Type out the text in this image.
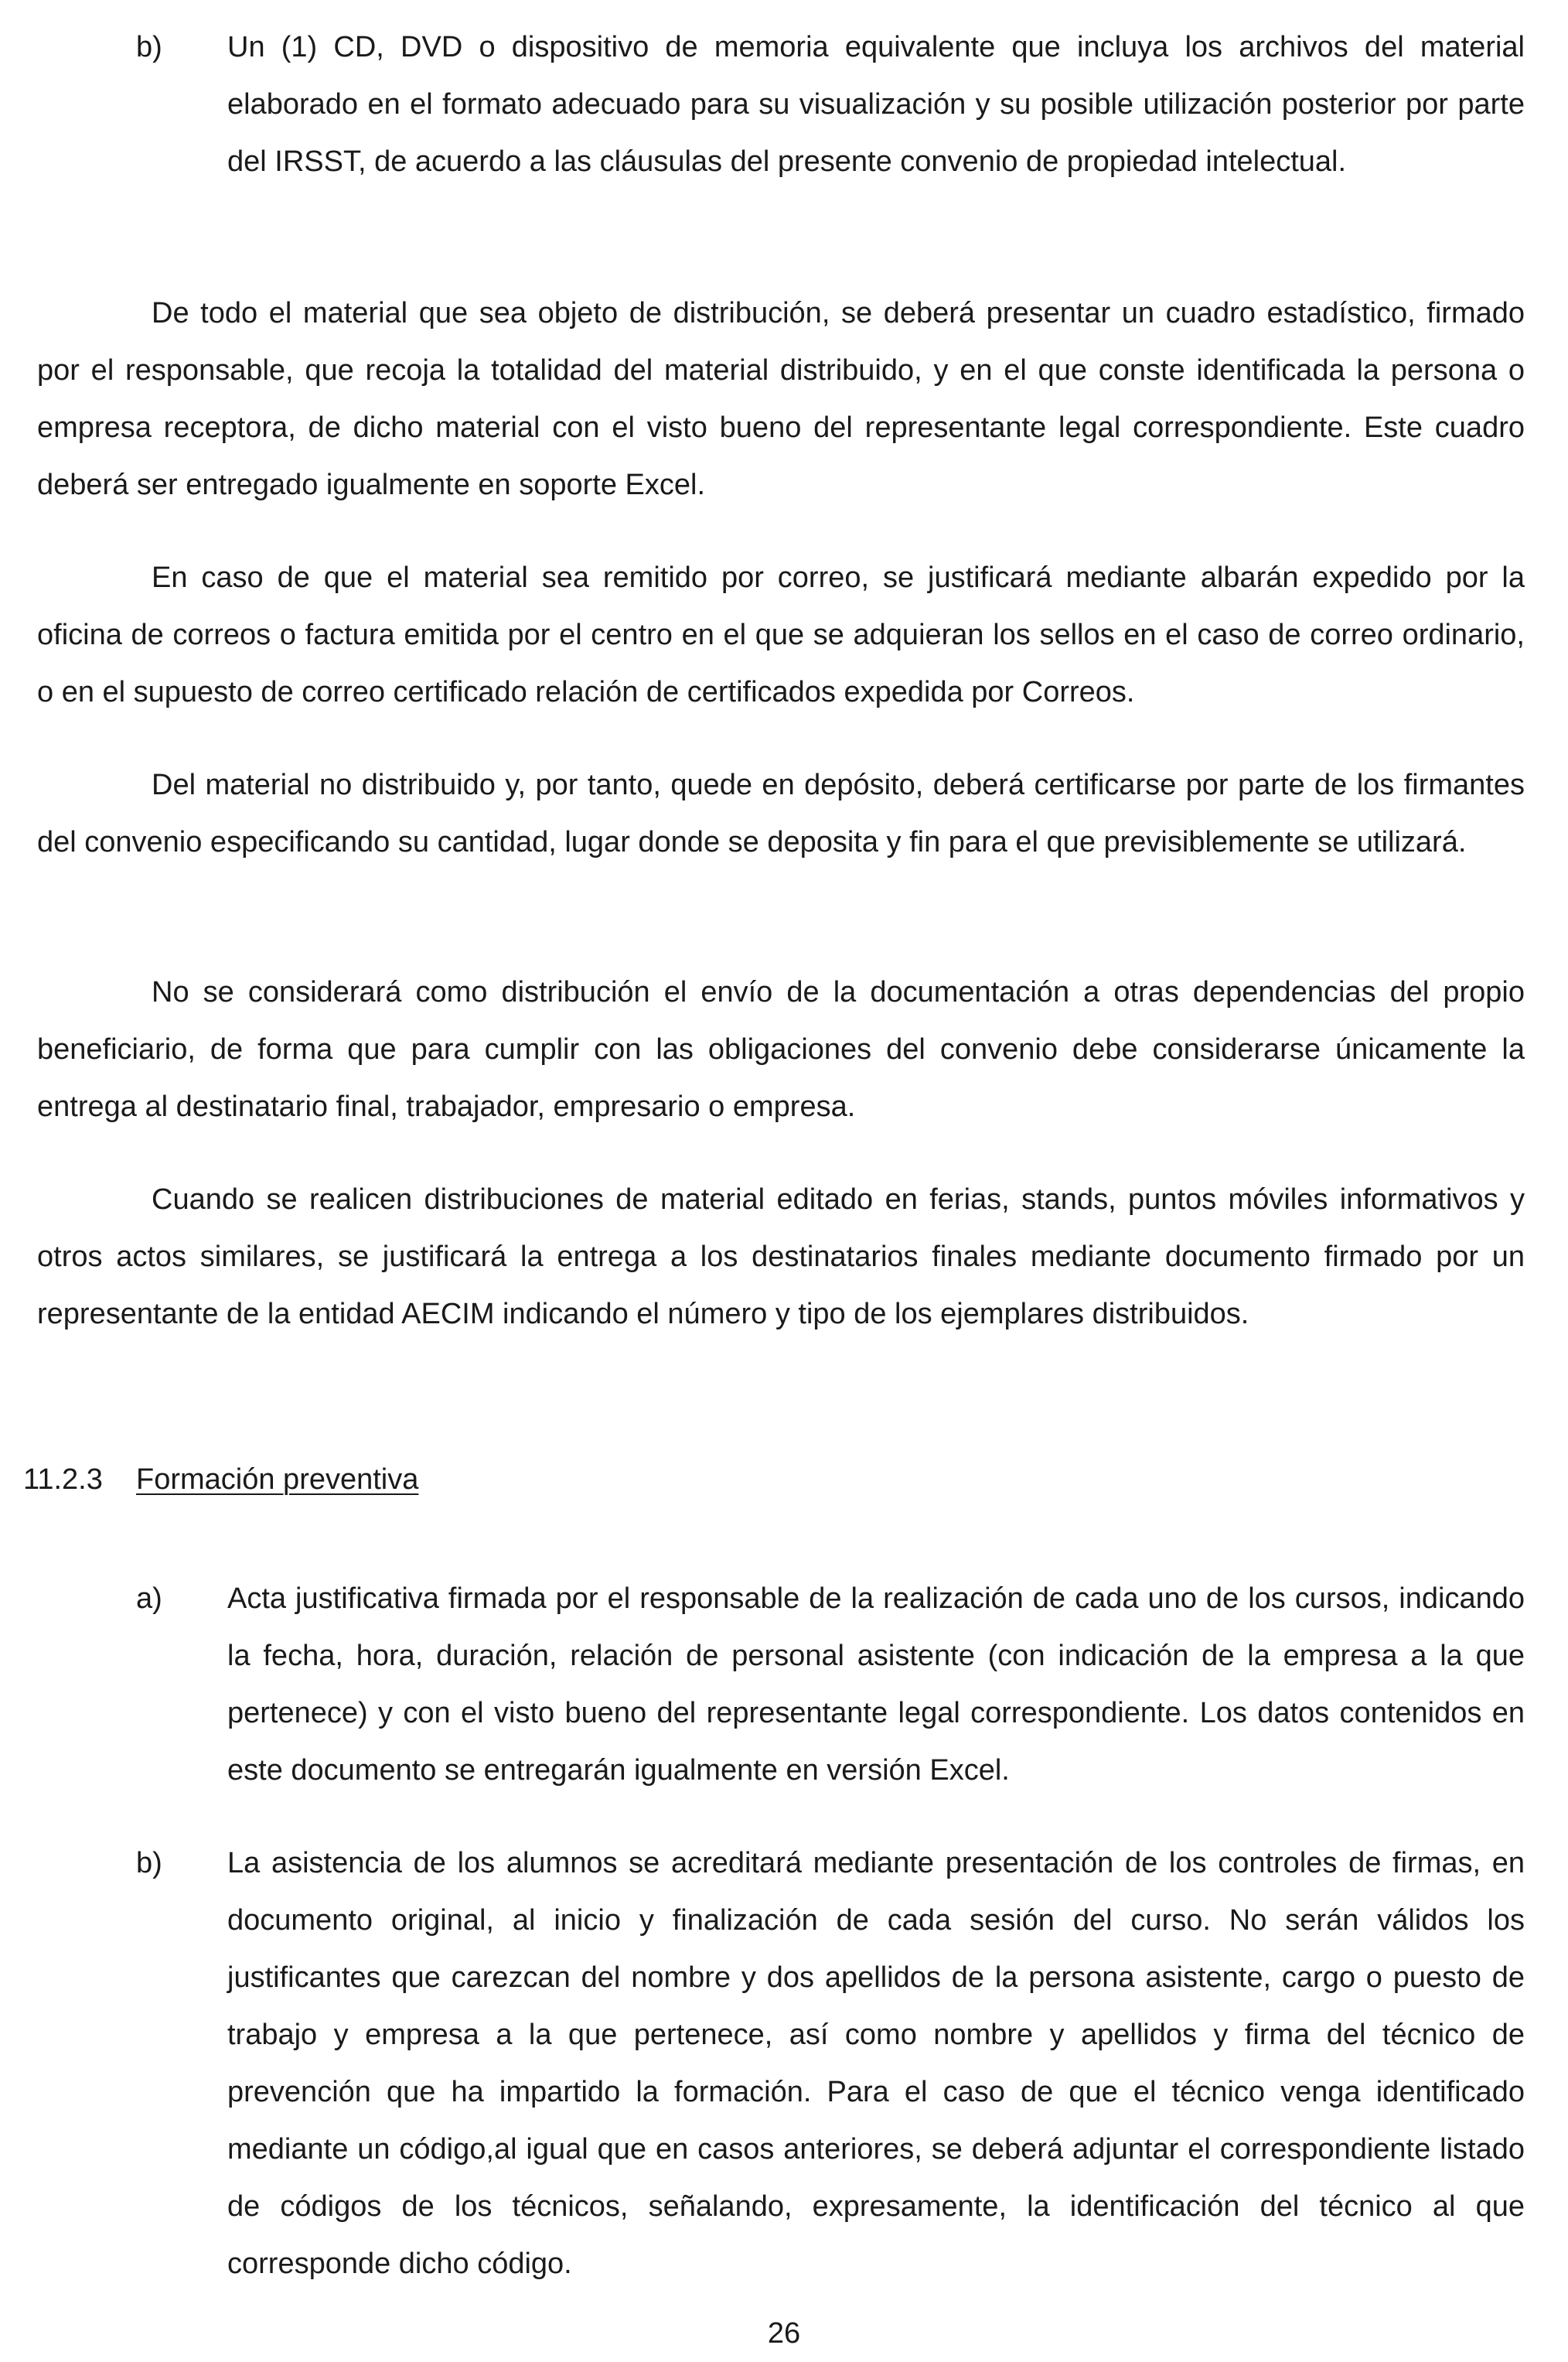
b)	Un (1) CD, DVD o dispositivo de memoria equivalente que incluya los archivos del material elaborado en el formato adecuado para su visualización y su posible utilización posterior por parte del IRSST, de acuerdo a las cláusulas del presente convenio de propiedad intelectual.
De todo el material que sea objeto de distribución, se deberá presentar un cuadro estadístico, firmado por el responsable, que recoja la totalidad del material distribuido, y en el que conste identificada la persona o empresa receptora, de dicho material con el visto bueno del representante legal correspondiente. Este cuadro deberá ser entregado igualmente en soporte Excel.
En caso de que el material sea remitido por correo, se justificará mediante albarán expedido por la oficina de correos o factura emitida por el centro en el que se adquieran los sellos en el caso de correo ordinario, o en el supuesto de correo certificado relación de certificados expedida por Correos.
Del material no distribuido y, por tanto, quede en depósito, deberá certificarse por parte de los firmantes del convenio especificando su cantidad, lugar donde se deposita y fin para el que previsiblemente se utilizará.
No se considerará como distribución el envío de la documentación a otras dependencias del propio beneficiario, de forma que para cumplir con las obligaciones del convenio debe considerarse únicamente la entrega al destinatario final, trabajador, empresario o empresa.
Cuando se realicen distribuciones de material editado en ferias, stands, puntos móviles informativos y otros actos similares, se justificará la entrega a los destinatarios finales mediante documento firmado por un representante de la entidad AECIM indicando el número y tipo de los ejemplares distribuidos.
11.2.3 Formación preventiva
a)	Acta justificativa firmada por el responsable de la realización de cada uno de los cursos, indicando la fecha, hora, duración, relación de personal asistente (con indicación de la empresa a la que pertenece) y con el visto bueno del representante legal correspondiente. Los datos contenidos en este documento se entregarán igualmente en versión Excel.
b)	La asistencia de los alumnos se acreditará mediante presentación de los controles de firmas, en documento original, al inicio y finalización de cada sesión del curso. No serán válidos los justificantes que carezcan del nombre y dos apellidos de la persona asistente, cargo o puesto de trabajo y empresa a la que pertenece, así como nombre y apellidos y firma del técnico de prevención que ha impartido la formación. Para el caso de que el técnico venga identificado mediante un código,al igual que en casos anteriores, se deberá adjuntar el correspondiente listado de códigos de los técnicos, señalando, expresamente, la identificación del técnico al que corresponde dicho código.
26
